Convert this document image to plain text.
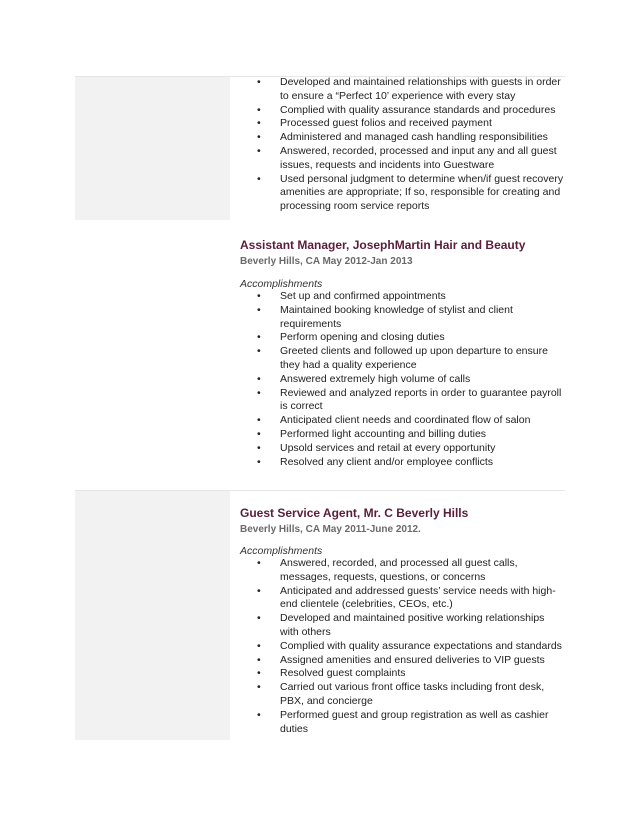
• Developed and maintained relationships with guests in order to ensure a “Perfect 10’ experience with every stay
• Complied with quality assurance standards and procedures
• Processed guest folios and received payment
• Administered and managed cash handling responsibilities
• Answered, recorded, processed and input any and all guest issues, requests and incidents into Guestware
• Used personal judgment to determine when/if guest recovery amenities are appropriate; If so, responsible for creating and processing room service reports
Assistant Manager, JosephMartin Hair and Beauty
Beverly Hills, CA May 2012-Jan 2013
Accomplishments
• Set up and confirmed appointments
• Maintained booking knowledge of stylist and client requirements
• Perform opening and closing duties
• Greeted clients and followed up upon departure to ensure they had a quality experience
• Answered extremely high volume of calls
• Reviewed and analyzed reports in order to guarantee payroll is correct
• Anticipated client needs and coordinated flow of salon
• Performed light accounting and billing duties
• Upsold services and retail at every opportunity
• Resolved any client and/or employee conflicts
Guest Service Agent, Mr. C Beverly Hills
Beverly Hills, CA May 2011-June 2012.
Accomplishments
• Answered, recorded, and processed all guest calls, messages, requests, questions, or concerns
• Anticipated and addressed guests’ service needs with high-end clientele (celebrities, CEOs, etc.)
• Developed and maintained positive working relationships with others
• Complied with quality assurance expectations and standards
• Assigned amenities and ensured deliveries to VIP guests
• Resolved guest complaints
• Carried out various front office tasks including front desk, PBX, and concierge
• Performed guest and group registration as well as cashier duties
